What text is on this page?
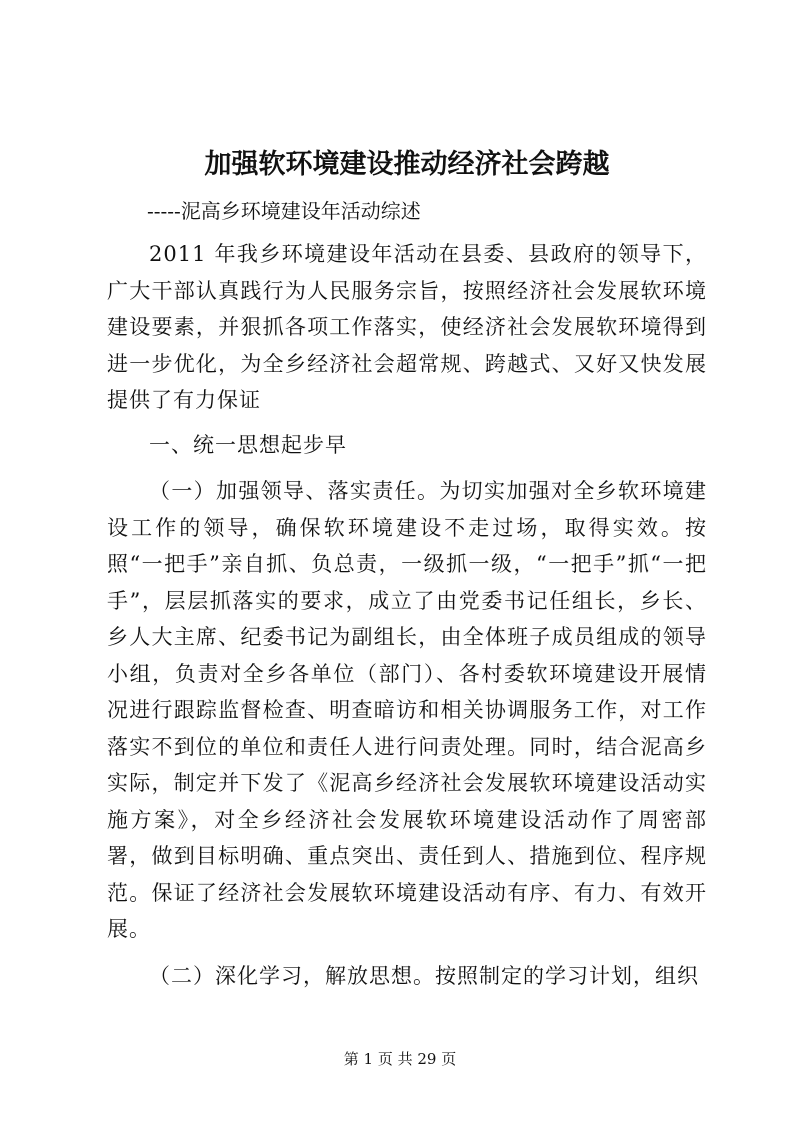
加强软环境建设推动经济社会跨越
-----泥高乡环境建设年活动综述

2011 年我乡环境建设年活动在县委、县政府的领导下，广大干部认真践行为人民服务宗旨，按照经济社会发展软环境建设要素，并狠抓各项工作落实，使经济社会发展软环境得到进一步优化，为全乡经济社会超常规、跨越式、又好又快发展提供了有力保证

一、统一思想起步早

（一）加强领导、落实责任。为切实加强对全乡软环境建设工作的领导，确保软环境建设不走过场，取得实效。按照“一把手”亲自抓、负总责，一级抓一级，“一把手”抓“一把手”，层层抓落实的要求，成立了由党委书记任组长，乡长、乡人大主席、纪委书记为副组长，由全体班子成员组成的领导小组，负责对全乡各单位（部门）、各村委软环境建设开展情况进行跟踪监督检查、明查暗访和相关协调服务工作，对工作落实不到位的单位和责任人进行问责处理。同时，结合泥高乡实际，制定并下发了《泥高乡经济社会发展软环境建设活动实施方案》，对全乡经济社会发展软环境建设活动作了周密部署，做到目标明确、重点突出、责任到人、措施到位、程序规范。保证了经济社会发展软环境建设活动有序、有力、有效开展。

（二）深化学习，解放思想。按照制定的学习计划，组织

第 1 页 共 29 页
